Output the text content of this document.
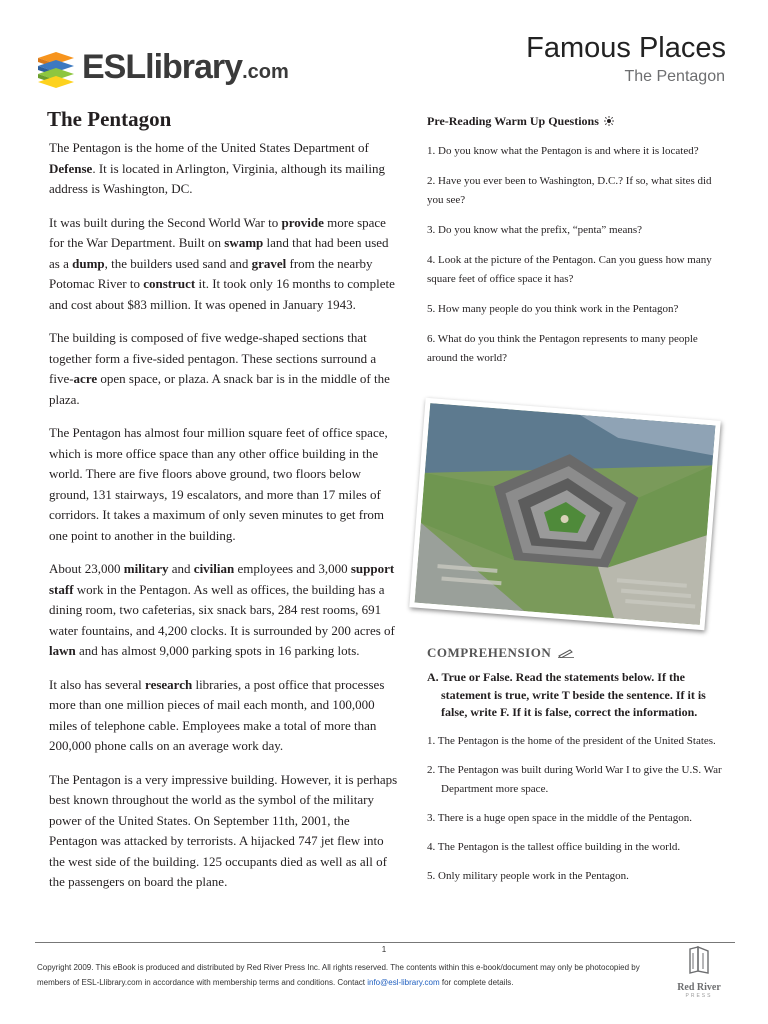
ESLlibrary.com
Famous Places
The Pentagon
The Pentagon

The Pentagon is the home of the United States Department of Defense. It is located in Arlington, Virginia, although its mailing address is Washington, DC.

It was built during the Second World War to provide more space for the War Department. Built on swamp land that had been used as a dump, the builders used sand and gravel from the nearby Potomac River to construct it. It took only 16 months to complete and cost about $83 million. It was opened in January 1943.

The building is composed of five wedge-shaped sections that together form a five-sided pentagon. These sections surround a five-acre open space, or plaza. A snack bar is in the middle of the plaza.

The Pentagon has almost four million square feet of office space, which is more office space than any other office building in the world. There are five floors above ground, two floors below ground, 131 stairways, 19 escalators, and more than 17 miles of corridors. It takes a maximum of only seven minutes to get from one point to another in the building.

About 23,000 military and civilian employees and 3,000 support staff work in the Pentagon. As well as offices, the building has a dining room, two cafeterias, six snack bars, 284 rest rooms, 691 water fountains, and 4,200 clocks. It is surrounded by 200 acres of lawn and has almost 9,000 parking spots in 16 parking lots.

It also has several research libraries, a post office that processes more than one million pieces of mail each month, and 100,000 miles of telephone cable. Employees make a total of more than 200,000 phone calls on an average work day.

The Pentagon is a very impressive building. However, it is perhaps best known throughout the world as the symbol of the military power of the United States. On September 11th, 2001, the Pentagon was attacked by terrorists. A hijacked 747 jet flew into the west side of the building. 125 occupants died as well as all of the passengers on board the plane.

Pre-Reading Warm Up Questions
1. Do you know what the Pentagon is and where it is located?
2. Have you ever been to Washington, D.C.? If so, what sites did you see?
3. Do you know what the prefix, “penta” means?
4. Look at the picture of the Pentagon. Can you guess how many square feet of office space it has?
5. How many people do you think work in the Pentagon?
6. What do you think the Pentagon represents to many people around the world?
COMPREHENSION
A. True or False. Read the statements below. If the statement is true, write T beside the sentence. If it is false, write F. If it is false, correct the information.
1. The Pentagon is the home of the president of the United States.
2. The Pentagon was built during World War I to give the U.S. War Department more space.
3. There is a huge open space in the middle of the Pentagon.
4. The Pentagon is the tallest office building in the world.
5. Only military people work in the Pentagon.
1
Copyright 2009. This eBook is produced and distributed by Red River Press Inc. All rights reserved. The contents within this e-book/document may only be photocopied by members of ESL-Llibrary.com in accordance with membership terms and conditions. Contact info@esl-library.com for complete details.	Red River
PRESS
